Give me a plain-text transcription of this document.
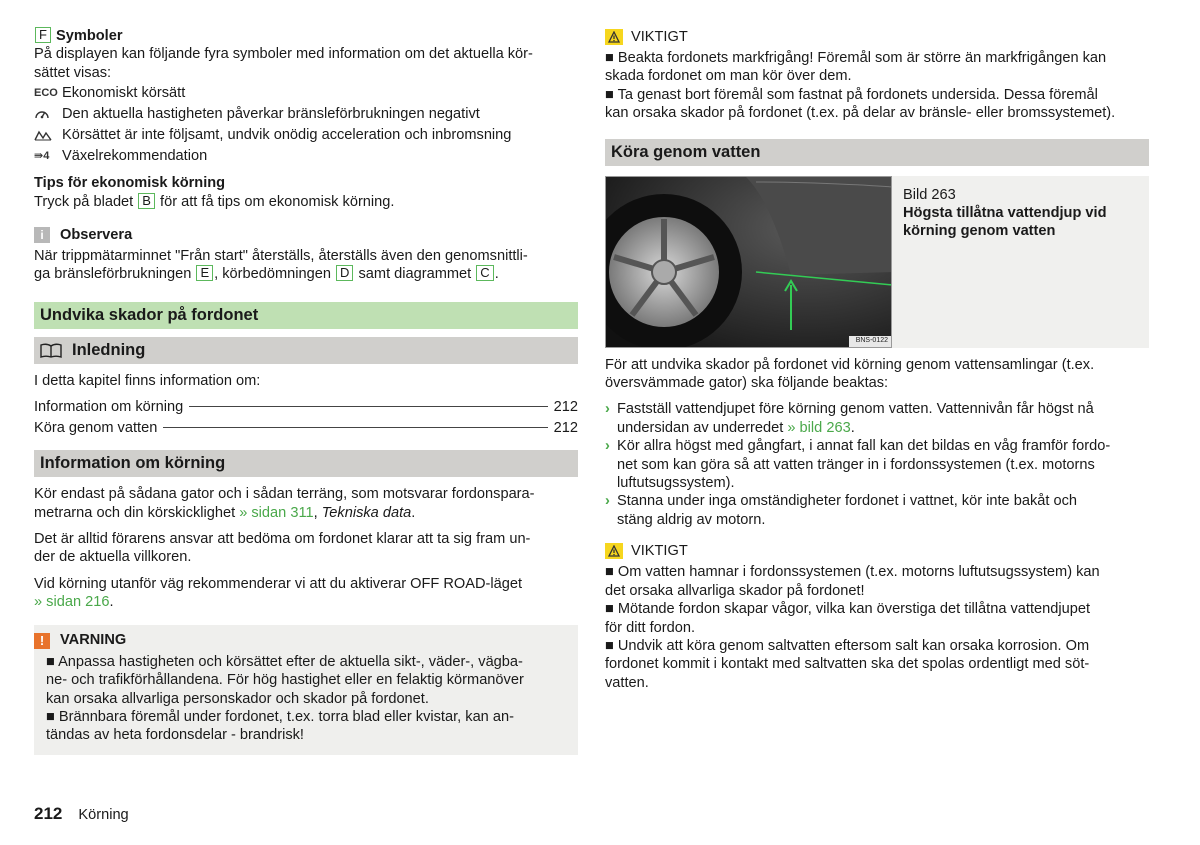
F Symboler

På displayen kan följande fyra symboler med information om det aktuella kör-

sättet visas:

ECO Ekonomiskt körsätt
Den aktuella hastigheten påverkar bränsleförbrukningen negativt
Körsättet är inte följsamt, undvik onödig acceleration och inbromsning
⇛4 Växelrekommendation

Tips för ekonomisk körning

Tryck på bladet B för att få tips om ekonomisk körning.

i	Observera

När trippmätarminnet "Från start" återställs, återställs även den genomsnittli-

ga bränsleförbrukningen E , körbedömningen D samt diagrammet C .

Undvika skador på fordonet
Inledning

I detta kapitel finns information om:

Information om körning	212
Köra genom vatten	212
Information om körning

Kör endast på sådana gator och i sådan terräng, som motsvarar fordonspara-

metrarna och din körskicklighet » sidan 311, Tekniska data.

Det är alltid förarens ansvar att bedöma om fordonet klarar att ta sig fram un-

der de aktuella villkoren.

Vid körning utanför väg rekommenderar vi att du aktiverar OFF ROAD-läget

» sidan 216.

!	VARNING

■ Anpassa hastigheten och körsättet efter de aktuella sikt-, väder-, vägba-

ne- och trafikförhållandena. För hög hastighet eller en felaktig körmanöver

kan orsaka allvarliga personskador och skador på fordonet.

■ Brännbara föremål under fordonet, t.ex. torra blad eller kvistar, kan an-

tändas av heta fordonsdelar - brandrisk!

VIKTIGT

■ Beakta fordonets markfrigång! Föremål som är större än markfrigången kan

skada fordonet om man kör över dem.

■ Ta genast bort föremål som fastnat på fordonets undersida. Dessa föremål

kan orsaka skador på fordonet (t.ex. på delar av bränsle- eller bromssystemet).

Köra genom vatten
BNS-0122

Bild 263

Högsta tillåtna vattendjup vid

körning genom vatten

För att undvika skador på fordonet vid körning genom vattensamlingar (t.ex.

översvämmade gator) ska följande beaktas:

› Fastställ vattendjupet före körning genom vatten. Vattennivån får högst nå

undersidan av underredet » bild 263.

› Kör allra högst med gångfart, i annat fall kan det bildas en våg framför fordo-

net som kan göra så att vatten tränger in i fordonssystemen (t.ex. motorns

luftutsugssystem).

› Stanna under inga omständigheter fordonet i vattnet, kör inte bakåt och

stäng aldrig av motorn.

VIKTIGT

■ Om vatten hamnar i fordonssystemen (t.ex. motorns luftutsugssystem) kan

det orsaka allvarliga skador på fordonet!

■ Mötande fordon skapar vågor, vilka kan överstiga det tillåtna vattendjupet

för ditt fordon.

■ Undvik att köra genom saltvatten eftersom salt kan orsaka korrosion. Om

fordonet kommit i kontakt med saltvatten ska det spolas ordentligt med söt-

vatten.

212 Körning
